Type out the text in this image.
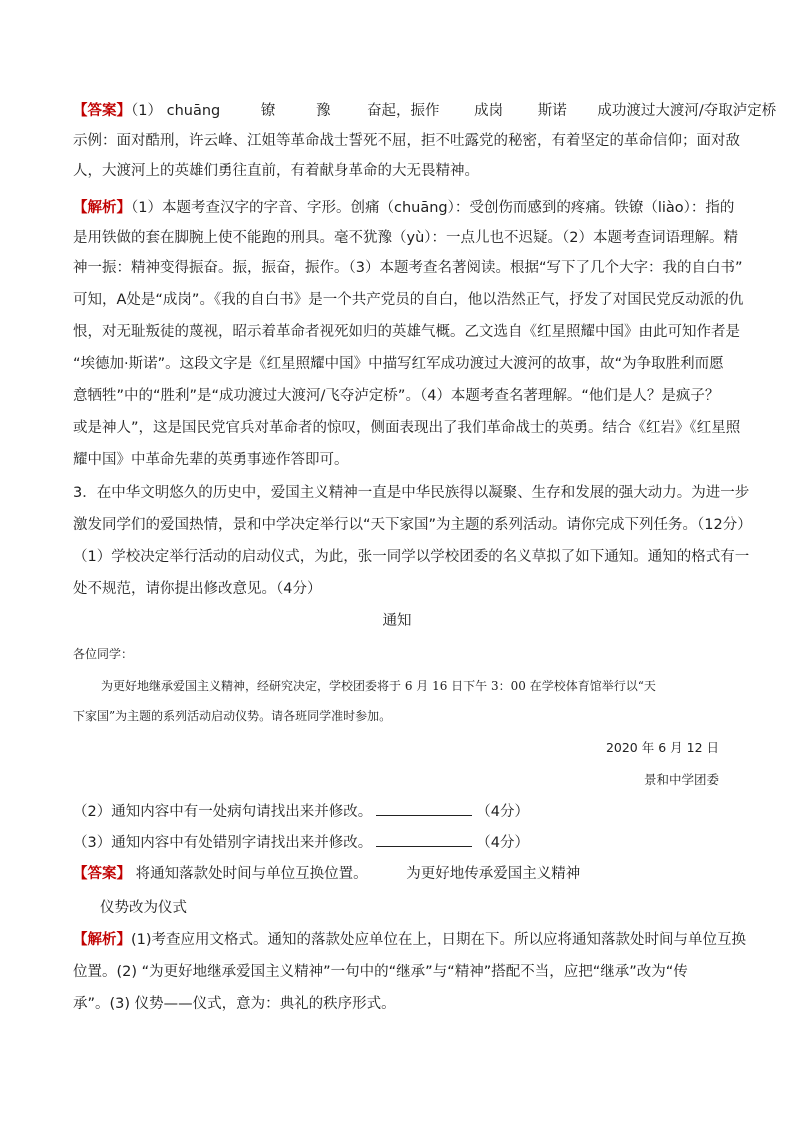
【答案】（1） chuāng	镣	豫	奋起，振作 成岗 斯诺 成功渡过大渡河/夺取泸定桥
示例：面对酷刑，许云峰、江姐等革命战士誓死不屈，拒不吐露党的秘密，有着坚定的革命信仰；面对敌
人，大渡河上的英雄们勇往直前，有着献身革命的大无畏精神。
【解析】（1）本题考查汉字的字音、字形。创痛（chuāng）：受创伤而感到的疼痛。铁镣（liào）：指的
是用铁做的套在脚腕上使不能跑的刑具。毫不犹豫（yù）：一点儿也不迟疑。（2）本题考查词语理解。精
神一振：精神变得振奋。振，振奋，振作。（3）本题考查名著阅读。根据“写下了几个大字：我的自白书”
可知，A处是“成岗”。《我的自白书》是一个共产党员的自白，他以浩然正气，抒发了对国民党反动派的仇
恨，对无耻叛徒的蔑视，昭示着革命者视死如归的英雄气概。乙文选自《红星照耀中国》由此可知作者是
“埃德加·斯诺”。这段文字是《红星照耀中国》中描写红军成功渡过大渡河的故事，故“为争取胜利而愿
意牺牲”中的“胜利”是“成功渡过大渡河/飞夺泸定桥”。（4）本题考查名著理解。“他们是人？是疯子？
或是神人”，这是国民党官兵对革命者的惊叹，侧面表现出了我们革命战士的英勇。结合《红岩》《红星照
耀中国》中革命先辈的英勇事迹作答即可。
3．在中华文明悠久的历史中，爱国主义精神一直是中华民族得以凝聚、生存和发展的强大动力。为进一步
激发同学们的爱国热情，景和中学决定举行以“天下家国”为主题的系列活动。请你完成下列任务。（12分）
（1）学校决定举行活动的启动仪式，为此，张一同学以学校团委的名义草拟了如下通知。通知的格式有一
处不规范，请你提出修改意见。（4分）
通知
各位同学：
为更好地继承爱国主义精神，经研究决定，学校团委将于 6 月 16 日下午 3：00 在学校体育馆举行以“天
下家国”为主题的系列活动启动仪势。请各班同学准时参加。
2020 年 6 月 12 日
景和中学团委
（2）通知内容中有一处病句请找出来并修改。	（4分）
（3）通知内容中有处错别字请找出来并修改。	（4分）
【答案】 将通知落款处时间与单位互换位置。	为更好地传承爱国主义精神
仪势改为仪式
【解析】(1)考查应用文格式。通知的落款处应单位在上，日期在下。所以应将通知落款处时间与单位互换
位置。(2) “为更好地继承爱国主义精神”一句中的“继承”与“精神”搭配不当，应把“继承”改为“传
承”。(3) 仪势——仪式，意为：典礼的秩序形式。
